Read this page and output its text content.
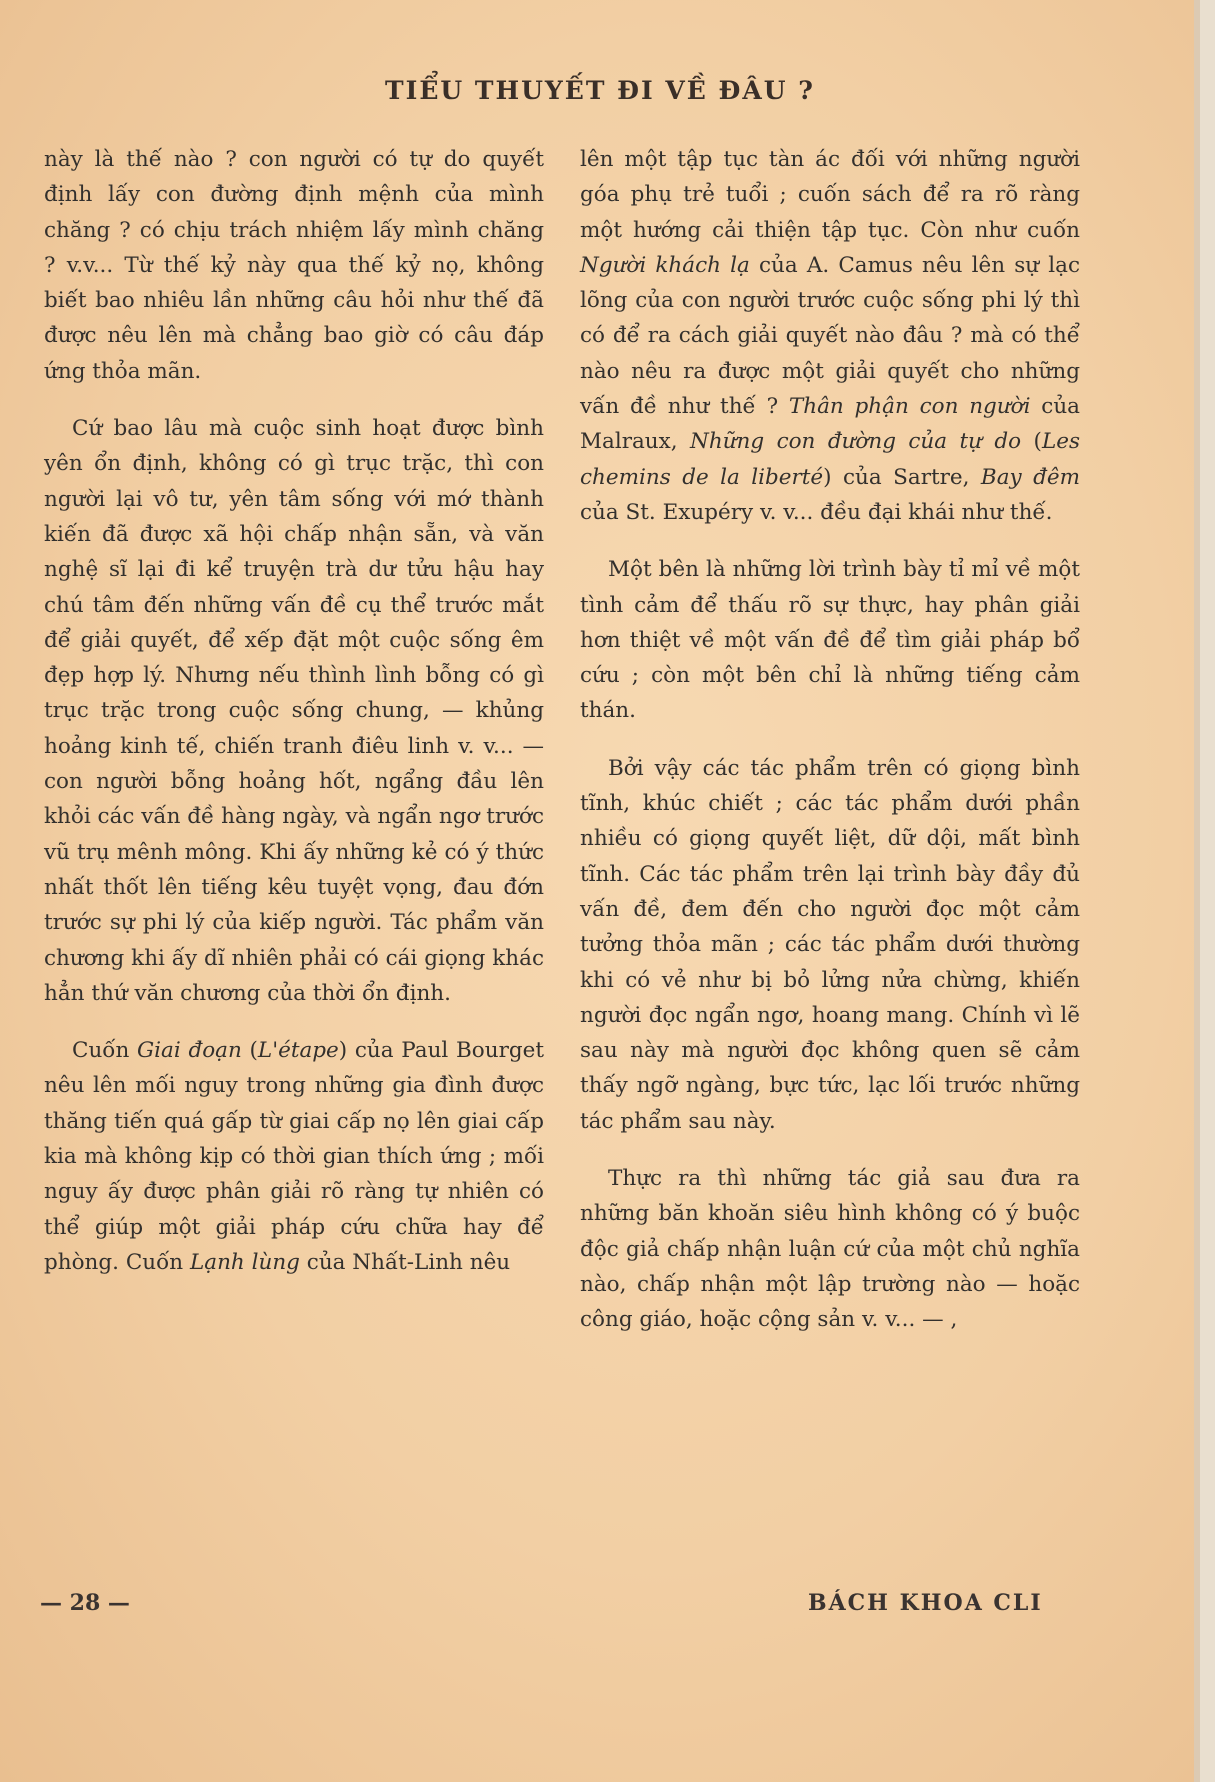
TIỂU THUYẾT ĐI VỀ ĐÂU ?

này là thế nào ? con người có tự do quyết định lấy con đường định mệnh của mình chăng ? có chịu trách nhiệm lấy mình chăng ? v.v... Từ thế kỷ này qua thế kỷ nọ, không biết bao nhiêu lần những câu hỏi như thế đã được nêu lên mà chẳng bao giờ có câu đáp ứng thỏa mãn.

Cứ bao lâu mà cuộc sinh hoạt được bình yên ổn định, không có gì trục trặc, thì con người lại vô tư, yên tâm sống với mớ thành kiến đã được xã hội chấp nhận sẵn, và văn nghệ sĩ lại đi kể truyện trà dư tửu hậu hay chú tâm đến những vấn đề cụ thể trước mắt để giải quyết, để xếp đặt một cuộc sống êm đẹp hợp lý. Nhưng nếu thình lình bỗng có gì trục trặc trong cuộc sống chung, — khủng hoảng kinh tế, chiến tranh điêu linh v. v... — con người bỗng hoảng hốt, ngẩng đầu lên khỏi các vấn đề hàng ngày, và ngẩn ngơ trước vũ trụ mênh mông. Khi ấy những kẻ có ý thức nhất thốt lên tiếng kêu tuyệt vọng, đau đớn trước sự phi lý của kiếp người. Tác phẩm văn chương khi ấy dĩ nhiên phải có cái giọng khác hẳn thứ văn chương của thời ổn định.

Cuốn Giai đoạn (L'étape) của Paul Bourget nêu lên mối nguy trong những gia đình được thăng tiến quá gấp từ giai cấp nọ lên giai cấp kia mà không kịp có thời gian thích ứng ; mối nguy ấy được phân giải rõ ràng tự nhiên có thể giúp một giải pháp cứu chữa hay để phòng. Cuốn Lạnh lùng của Nhất-Linh nêu

lên một tập tục tàn ác đối với những người góa phụ trẻ tuổi ; cuốn sách để ra rõ ràng một hướng cải thiện tập tục. Còn như cuốn Người khách lạ của A. Camus nêu lên sự lạc lõng của con người trước cuộc sống phi lý thì có để ra cách giải quyết nào đâu ? mà có thể nào nêu ra được một giải quyết cho những vấn đề như thế ? Thân phận con người của Malraux, Những con đường của tự do (Les chemins de la liberté) của Sartre, Bay đêm của St. Exupéry v. v... đều đại khái như thế.

Một bên là những lời trình bày tỉ mỉ về một tình cảm để thấu rõ sự thực, hay phân giải hơn thiệt về một vấn đề để tìm giải pháp bổ cứu ; còn một bên chỉ là những tiếng cảm thán.

Bởi vậy các tác phẩm trên có giọng bình tĩnh, khúc chiết ; các tác phẩm dưới phần nhiều có giọng quyết liệt, dữ dội, mất bình tĩnh. Các tác phẩm trên lại trình bày đầy đủ vấn đề, đem đến cho người đọc một cảm tưởng thỏa mãn ; các tác phẩm dưới thường khi có vẻ như bị bỏ lửng nửa chừng, khiến người đọc ngẩn ngơ, hoang mang. Chính vì lẽ sau này mà người đọc không quen sẽ cảm thấy ngỡ ngàng, bực tức, lạc lối trước những tác phẩm sau này.

Thực ra thì những tác giả sau đưa ra những băn khoăn siêu hình không có ý buộc độc giả chấp nhận luận cứ của một chủ nghĩa nào, chấp nhận một lập trường nào — hoặc công giáo, hoặc cộng sản v. v... — ,

— 28 —	BÁCH KHOA CLI
